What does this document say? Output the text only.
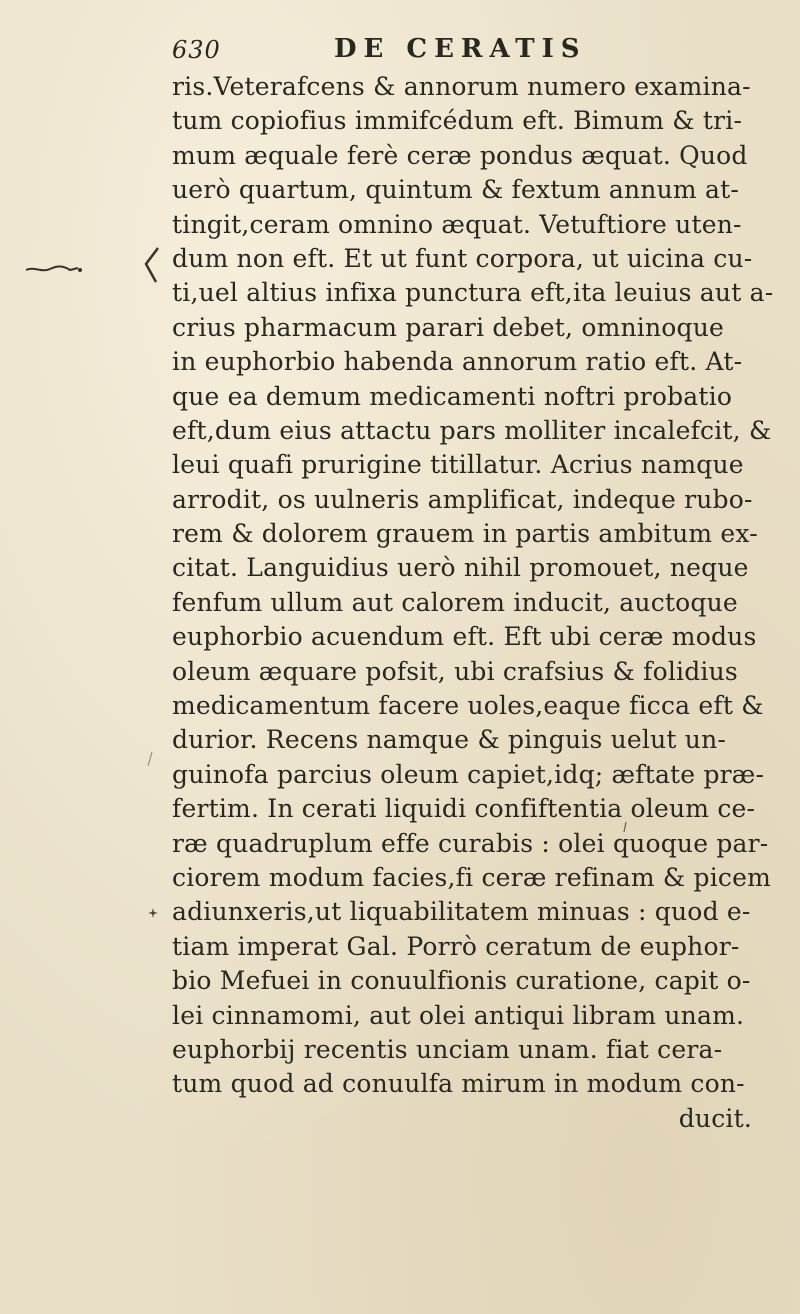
630	DE CERATIS
ris.Veterafcens & annorum numero examina-
tum copiofius immifcédum eft. Bimum & tri-
mum æquale ferè ceræ pondus æquat. Quod
uerò quartum, quintum & fextum annum at-
tingit,ceram omnino æquat. Vetuftiore uten-
dum non eft. Et ut funt corpora, ut uicina cu-
ti,uel altius infixa punctura eft,ita leuius aut a-
crius pharmacum parari debet, omninoque
in euphorbio habenda annorum ratio eft. At-
que ea demum medicamenti noftri probatio
eft,dum eius attactu pars molliter incalefcit, &
leui quafi prurigine titillatur. Acrius namque
arrodit, os uulneris amplificat, indeque rubo-
rem & dolorem grauem in partis ambitum ex-
citat. Languidius uerò nihil promouet, neque
fenfum ullum aut calorem inducit, auctoque
euphorbio acuendum eft. Eft ubi ceræ modus
oleum æquare pofsit, ubi crafsius & folidius
medicamentum facere uoles,eaque ficca eft &
durior. Recens namque & pinguis uelut un-
guinofa parcius oleum capiet,idq; æftate præ-
fertim. In cerati liquidi confiftentia oleum ce-
ræ quadruplum effe curabis : olei quoque par-
ciorem modum facies,fi ceræ refinam & picem
adiunxeris,ut liquabilitatem minuas : quod e-
tiam imperat Gal. Porrò ceratum de euphor-
bio Mefuei in conuulfionis curatione, capit o-
lei cinnamomi, aut olei antiqui libram unam.
euphorbij recentis unciam unam. fiat cera-
tum quod ad conuulfa mirum in modum con-
ducit.
